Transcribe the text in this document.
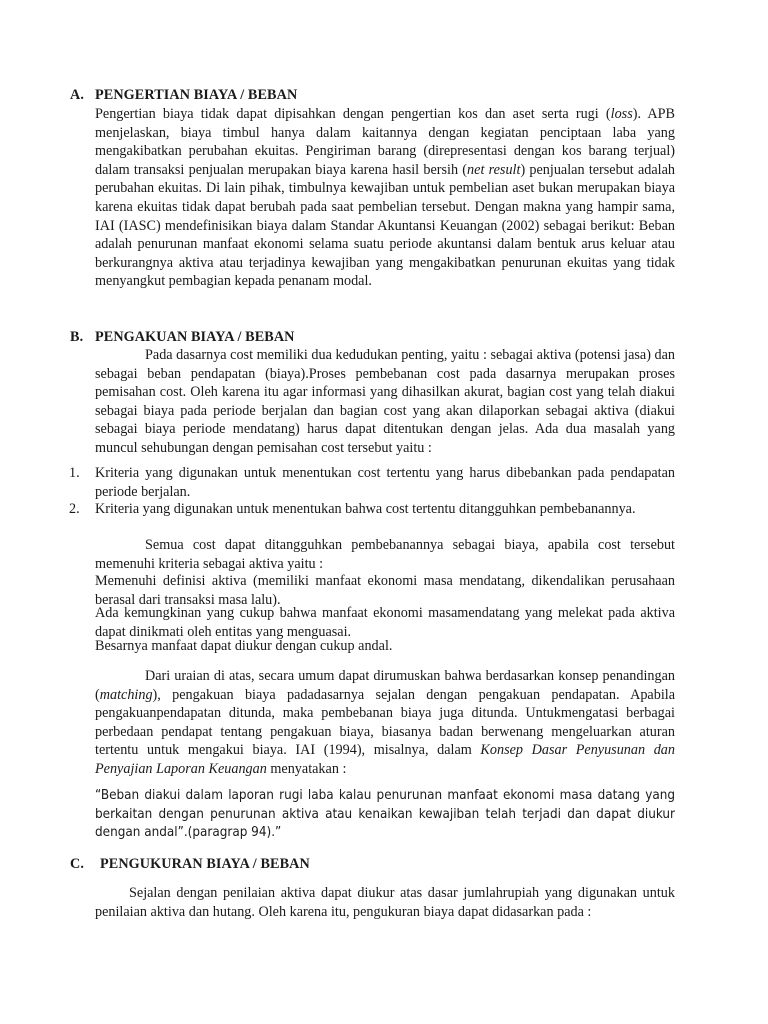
A. PENGERTIAN BIAYA / BEBAN

Pengertian biaya tidak dapat dipisahkan dengan pengertian kos dan aset serta rugi (loss). APB menjelaskan, biaya timbul hanya dalam kaitannya dengan kegiatan penciptaan laba yang mengakibatkan perubahan ekuitas. Pengiriman barang (direpresentasi dengan kos barang terjual) dalam transaksi penjualan merupakan biaya karena hasil bersih (net result) penjualan tersebut adalah perubahan ekuitas. Di lain pihak, timbulnya kewajiban untuk pembelian aset bukan merupakan biaya karena ekuitas tidak dapat berubah pada saat pembelian tersebut. Dengan makna yang hampir sama, IAI (IASC) mendefinisikan biaya dalam Standar Akuntansi Keuangan (2002) sebagai berikut: Beban adalah penurunan manfaat ekonomi selama suatu periode akuntansi dalam bentuk arus keluar atau berkurangnya aktiva atau terjadinya kewajiban yang mengakibatkan penurunan ekuitas yang tidak menyangkut pembagian kepada penanam modal.

B. PENGAKUAN BIAYA / BEBAN

Pada dasarnya cost memiliki dua kedudukan penting, yaitu : sebagai aktiva (potensi jasa) dan sebagai beban pendapatan (biaya).Proses pembebanan cost pada dasarnya merupakan proses pemisahan cost. Oleh karena itu agar informasi yang dihasilkan akurat, bagian cost yang telah diakui sebagai biaya pada periode berjalan dan bagian cost yang akan dilaporkan sebagai aktiva (diakui sebagai biaya periode mendatang) harus dapat ditentukan dengan jelas. Ada dua masalah yang muncul sehubungan dengan pemisahan cost tersebut yaitu :

1. Kriteria yang digunakan untuk menentukan cost tertentu yang harus dibebankan pada pendapatan periode berjalan.
2. Kriteria yang digunakan untuk menentukan bahwa cost tertentu ditangguhkan pembebanannya.

Semua cost dapat ditangguhkan pembebanannya sebagai biaya, apabila cost tersebut memenuhi kriteria sebagai aktiva yaitu :

Memenuhi definisi aktiva (memiliki manfaat ekonomi masa mendatang, dikendalikan perusahaan berasal dari transaksi masa lalu).

Ada kemungkinan yang cukup bahwa manfaat ekonomi masamendatang yang melekat pada aktiva dapat dinikmati oleh entitas yang menguasai.

Besarnya manfaat dapat diukur dengan cukup andal.

Dari uraian di atas, secara umum dapat dirumuskan bahwa berdasarkan konsep penandingan (matching), pengakuan biaya padadasarnya sejalan dengan pengakuan pendapatan. Apabila pengakuanpendapatan ditunda, maka pembebanan biaya juga ditunda. Untukmengatasi berbagai perbedaan pendapat tentang pengakuan biaya, biasanya badan berwenang mengeluarkan aturan tertentu untuk mengakui biaya. IAI (1994), misalnya, dalam Konsep Dasar Penyusunan dan Penyajian Laporan Keuangan menyatakan :

“Beban diakui dalam laporan rugi laba kalau penurunan manfaat ekonomi masa datang yang berkaitan dengan penurunan aktiva atau kenaikan kewajiban telah terjadi dan dapat diukur dengan andal”.(paragrap 94).”

C. PENGUKURAN BIAYA / BEBAN

Sejalan dengan penilaian aktiva dapat diukur atas dasar jumlahrupiah yang digunakan untuk penilaian aktiva dan hutang. Oleh karena itu, pengukuran biaya dapat didasarkan pada :
